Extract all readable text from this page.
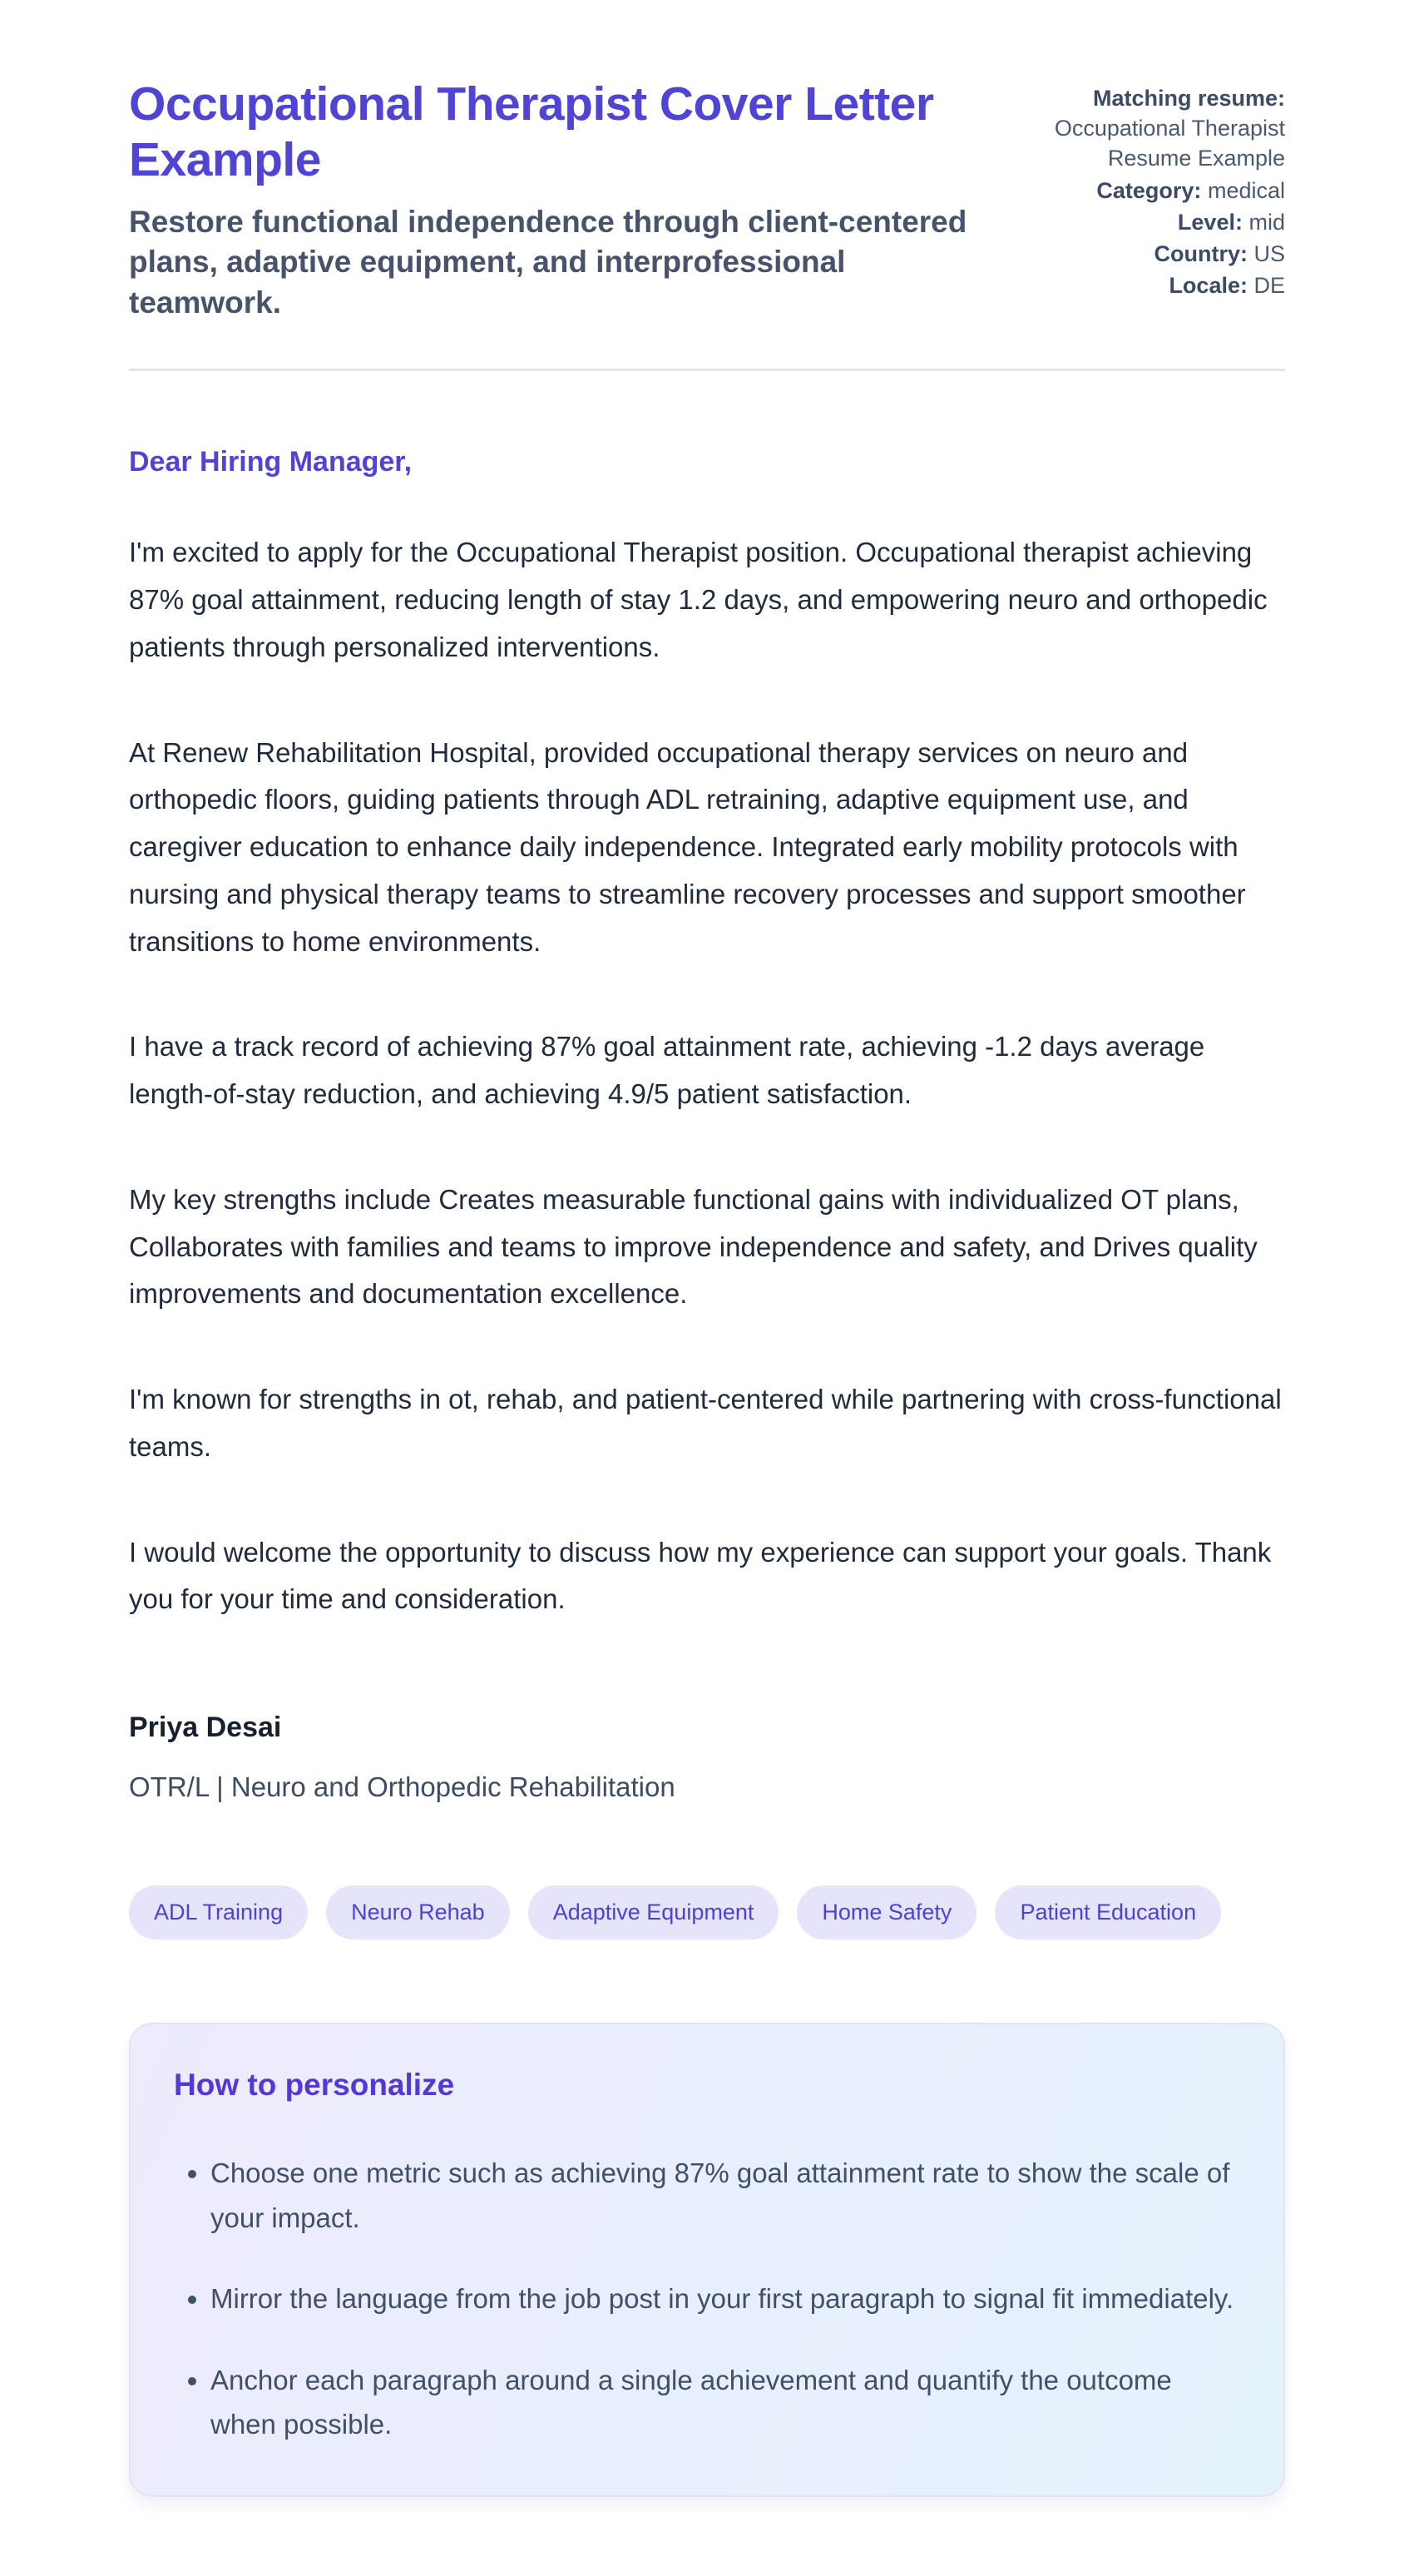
Occupational Therapist Cover Letter Example

Restore functional independence through client-centered plans, adaptive equipment, and interprofessional teamwork.

Matching resume: Occupational Therapist Resume Example
Category: medical
Level: mid
Country: US
Locale: DE

Dear Hiring Manager,

I'm excited to apply for the Occupational Therapist position. Occupational therapist achieving 87% goal attainment, reducing length of stay 1.2 days, and empowering neuro and orthopedic patients through personalized interventions.

At Renew Rehabilitation Hospital, provided occupational therapy services on neuro and orthopedic floors, guiding patients through ADL retraining, adaptive equipment use, and caregiver education to enhance daily independence. Integrated early mobility protocols with nursing and physical therapy teams to streamline recovery processes and support smoother transitions to home environments.

I have a track record of achieving 87% goal attainment rate, achieving -1.2 days average length-of-stay reduction, and achieving 4.9/5 patient satisfaction.

My key strengths include Creates measurable functional gains with individualized OT plans, Collaborates with families and teams to improve independence and safety, and Drives quality improvements and documentation excellence.

I'm known for strengths in ot, rehab, and patient-centered while partnering with cross-functional teams.

I would welcome the opportunity to discuss how my experience can support your goals. Thank you for your time and consideration.

Priya Desai

OTR/L | Neuro and Orthopedic Rehabilitation

ADL Training	Neuro Rehab	Adaptive Equipment	Home Safety	Patient Education
How to personalize
• Choose one metric such as achieving 87% goal attainment rate to show the scale of your impact.
• Mirror the language from the job post in your first paragraph to signal fit immediately.
• Anchor each paragraph around a single achievement and quantify the outcome when possible.
